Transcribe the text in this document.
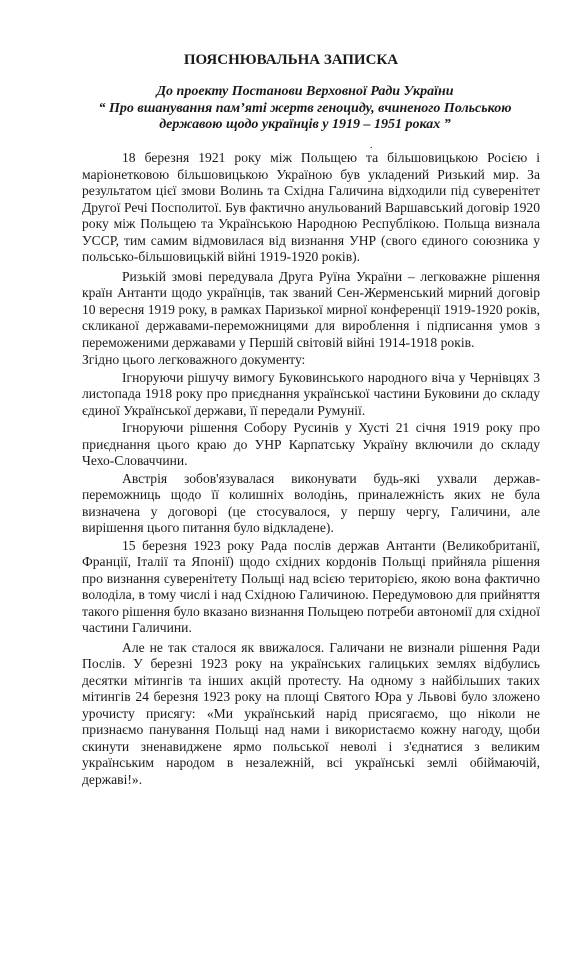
ПОЯСНЮВАЛЬНА ЗАПИСКА
До проекту Постанови Верховної Ради України
“ Про вшанування пам’яті жертв геноциду, вчиненого Польською
державою щодо українців у 1919 – 1951 роках ”
.

18 березня 1921 року між Польщею та більшовицькою Росією і маріонетковою більшовицькою Україною був укладений Ризький мир. За результатом цієї змови Волинь та Східна Галичина відходили під суверенітет Другої Речі Посполитої. Був фактично анульований Варшавський договір 1920 року між Польщею та Українською Народною Республікою. Польща визнала УССР, тим самим відмовилася від визнання УНР (свого єдиного союзника у польсько-більшовицькій війні 1919-1920 років).

Ризькій змові передувала Друга Руїна України – легковажне рішення країн Антанти щодо українців, так званий Сен-Жерменський мирний договір 10 вересня 1919 року, в рамках Паризької мирної конференції 1919-1920 років, скликаної державами-переможницями для вироблення і підписання умов з переможеними державами у Першій світовій війні 1914-1918 років.

Згідно цього легковажного документу:

Ігноруючи рішучу вимогу Буковинського народного віча у Чернівцях 3 листопада 1918 року про приєднання української частини Буковини до складу єдиної Української держави, її передали Румунії.

Ігноруючи рішення Собору Русинів у Хусті 21 січня 1919 року про приєднання цього краю до УНР Карпатську Україну включили до складу Чехо-Словаччини.

Австрія зобов'язувалася виконувати будь-які ухвали держав-переможниць щодо її колишніх володінь, приналежність яких не була визначена у договорі (це стосувалося, у першу чергу, Галичини, але вирішення цього питання було відкладене).

15 березня 1923 року Рада послів держав Антанти (Великобританії, Франції, Італії та Японії) щодо східних кордонів Польщі прийняла рішення про визнання суверенітету Польщі над всією територією, якою вона фактично володіла, в тому числі і над Східною Галичиною. Передумовою для прийняття такого рішення було вказано визнання Польщею потреби автономії для східної частини Галичини.

Але не так сталося як ввижалося. Галичани не визнали рішення Ради Послів. У березні 1923 року на українських галицьких землях відбулись десятки мітингів та інших акцій протесту. На одному з найбільших таких мітингів 24 березня 1923 року на площі Святого Юра у Львові було зложено урочисту присягу: «Ми український нарід присягаємо, що ніколи не признаємо панування Польщі над нами і використаємо кожну нагоду, щоби скинути зненавиджене ярмо польської неволі і з'єднатися з великим українським народом в незалежній, всі українські землі обіймаючій, державі!».
